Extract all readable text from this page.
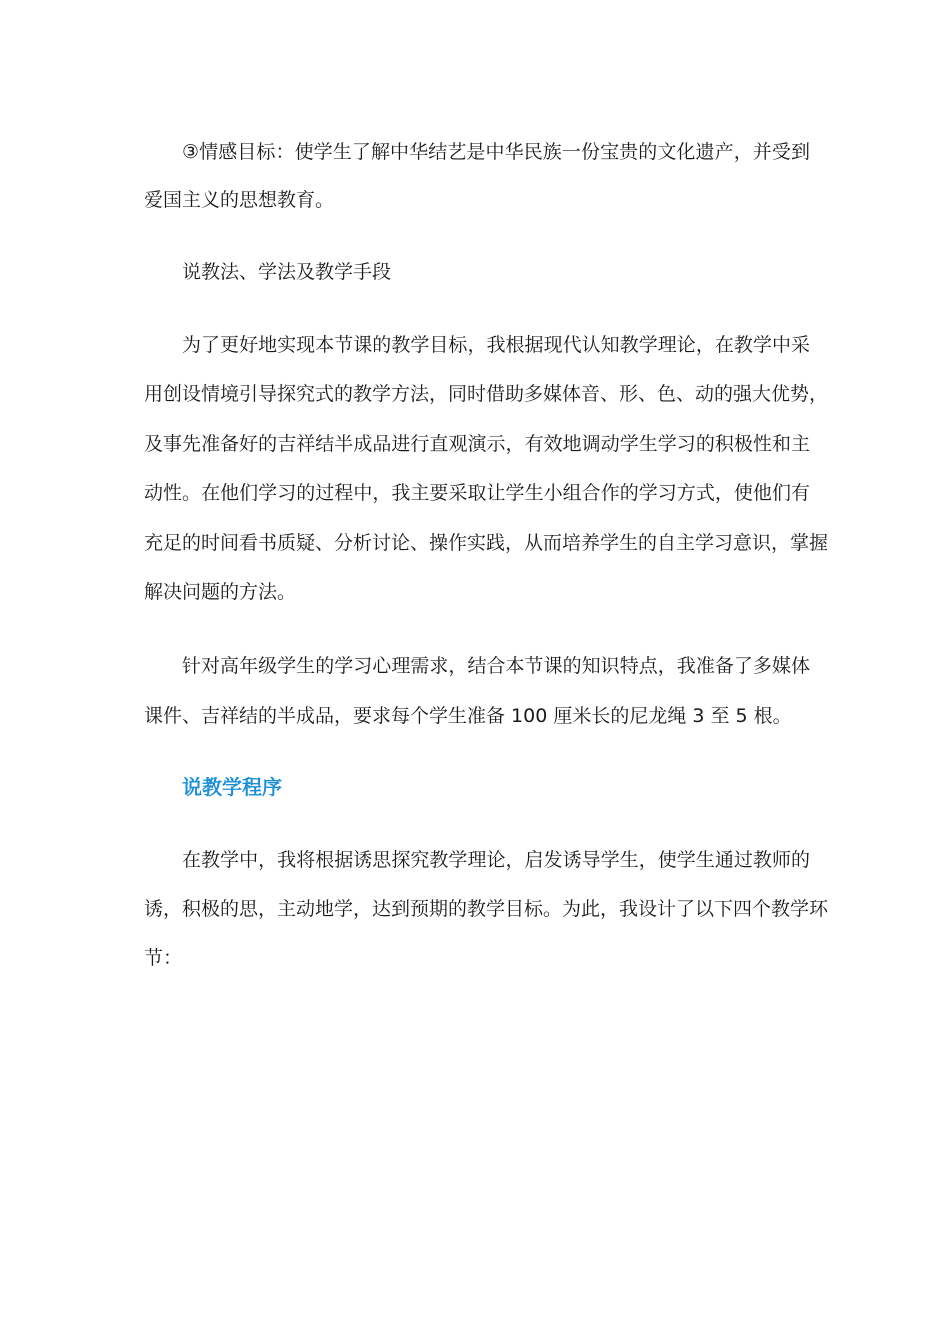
③情感目标：使学生了解中华结艺是中华民族一份宝贵的文化遗产，并受到
爱国主义的思想教育。
说教法、学法及教学手段
为了更好地实现本节课的教学目标，我根据现代认知教学理论，在教学中采
用创设情境引导探究式的教学方法，同时借助多媒体音、形、色、动的强大优势，
及事先准备好的吉祥结半成品进行直观演示，有效地调动学生学习的积极性和主
动性。在他们学习的过程中，我主要采取让学生小组合作的学习方式，使他们有
充足的时间看书质疑、分析讨论、操作实践，从而培养学生的自主学习意识，掌握
解决问题的方法。
针对高年级学生的学习心理需求，结合本节课的知识特点，我准备了多媒体
课件、吉祥结的半成品，要求每个学生准备 100 厘米长的尼龙绳 3 至 5 根。
说教学程序
在教学中，我将根据诱思探究教学理论，启发诱导学生，使学生通过教师的
诱，积极的思，主动地学，达到预期的教学目标。为此，我设计了以下四个教学环
节：
